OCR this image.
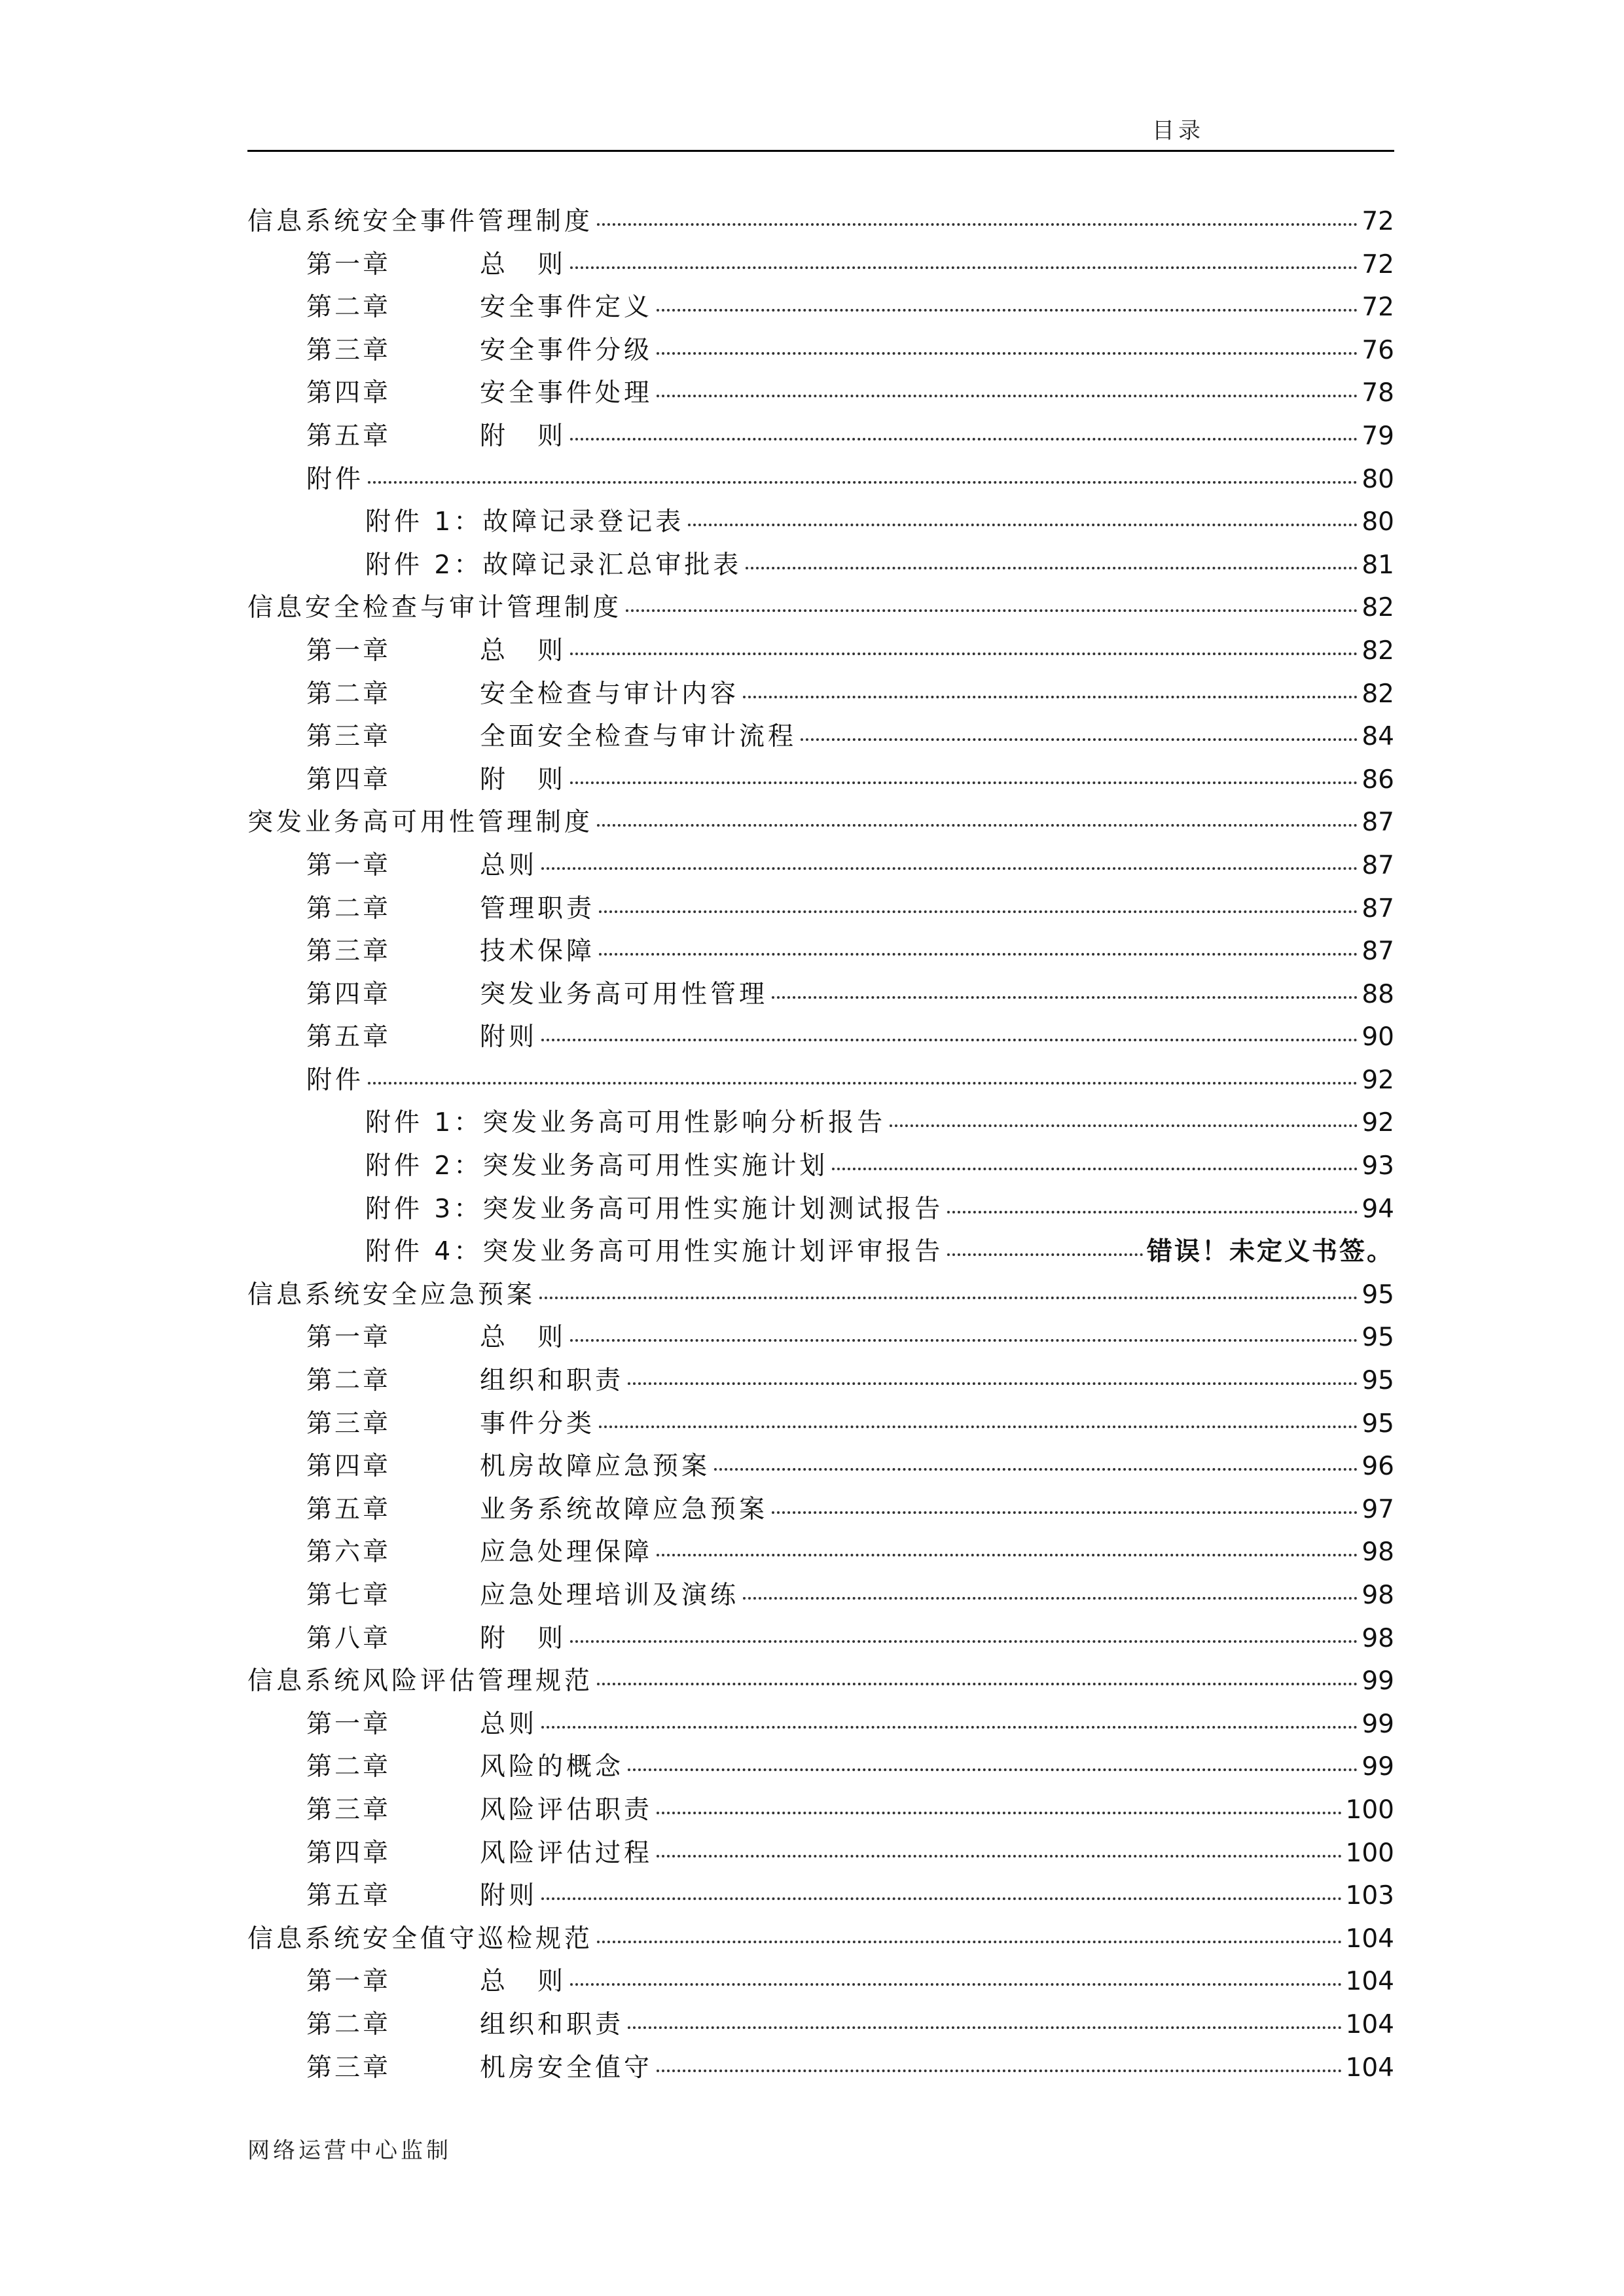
目录
信息系统安全事件管理制度	72
第一章	总　则	72
第二章	安全事件定义	72
第三章	安全事件分级	76
第四章	安全事件处理	78
第五章	附　则	79
附件	80
附件 1：故障记录登记表	80
附件 2：故障记录汇总审批表	81
信息安全检查与审计管理制度	82
第一章	总　则	82
第二章	安全检查与审计内容	82
第三章	全面安全检查与审计流程	84
第四章	附　则	86
突发业务高可用性管理制度	87
第一章	总则	87
第二章	管理职责	87
第三章	技术保障	87
第四章	突发业务高可用性管理	88
第五章	附则	90
附件	92
附件 1：突发业务高可用性影响分析报告	92
附件 2：突发业务高可用性实施计划	93
附件 3：突发业务高可用性实施计划测试报告	94
附件 4：突发业务高可用性实施计划评审报告	错误！未定义书签。
信息系统安全应急预案	95
第一章	总　则	95
第二章	组织和职责	95
第三章	事件分类	95
第四章	机房故障应急预案	96
第五章	业务系统故障应急预案	97
第六章	应急处理保障	98
第七章	应急处理培训及演练	98
第八章	附　则	98
信息系统风险评估管理规范	99
第一章	总则	99
第二章	风险的概念	99
第三章	风险评估职责	100
第四章	风险评估过程	100
第五章	附则	103
信息系统安全值守巡检规范	104
第一章	总　则	104
第二章	组织和职责	104
第三章	机房安全值守	104
网络运营中心监制
